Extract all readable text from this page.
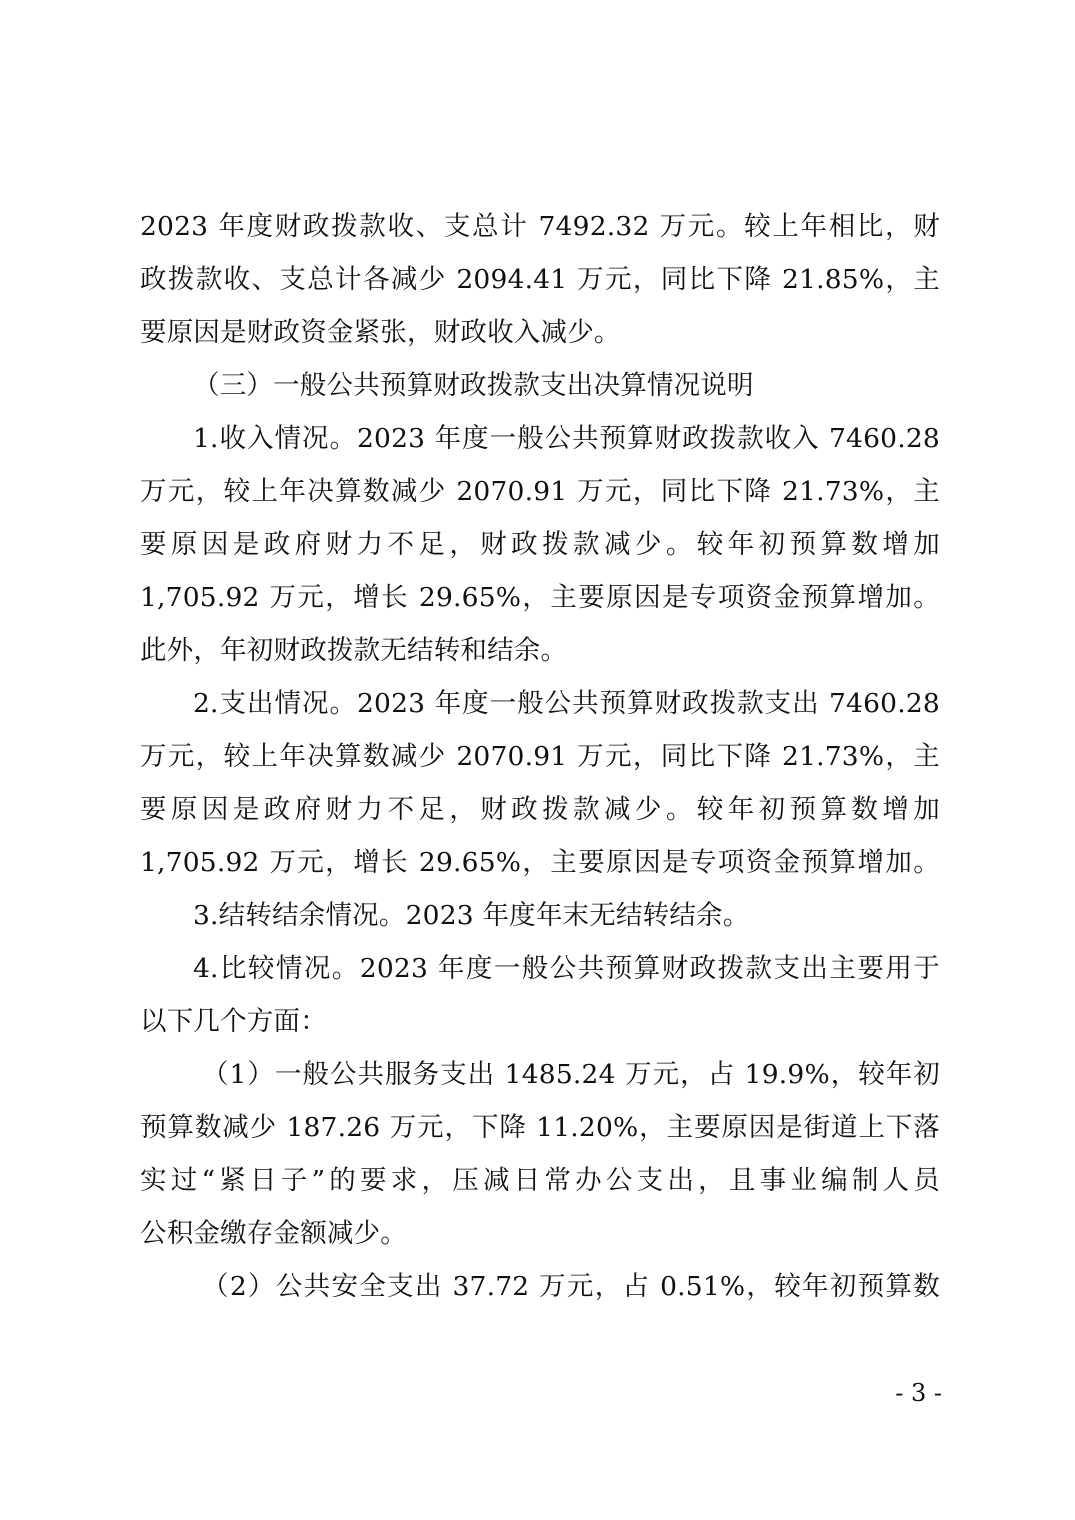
2023 年度财政拨款收、支总计 7492.32 万元。较上年相比，财
政拨款收、支总计各减少 2094.41 万元，同比下降 21.85%，主
要原因是财政资金紧张，财政收入减少。
（三）一般公共预算财政拨款支出决算情况说明
1.收入情况。2023 年度一般公共预算财政拨款收入 7460.28
万元，较上年决算数减少 2070.91 万元，同比下降 21.73%，主
要原因是政府财力不足，财政拨款减少。较年初预算数增加
1,705.92 万元，增长 29.65%，主要原因是专项资金预算增加。
此外，年初财政拨款无结转和结余。
2.支出情况。2023 年度一般公共预算财政拨款支出 7460.28
万元，较上年决算数减少 2070.91 万元，同比下降 21.73%，主
要原因是政府财力不足，财政拨款减少。较年初预算数增加
1,705.92 万元，增长 29.65%，主要原因是专项资金预算增加。
3.结转结余情况。2023 年度年末无结转结余。
4.比较情况。2023 年度一般公共预算财政拨款支出主要用于
以下几个方面：
（1）一般公共服务支出 1485.24 万元，占 19.9%，较年初
预算数减少 187.26 万元，下降 11.20%，主要原因是街道上下落
实过“紧日子”的要求，压减日常办公支出，且事业编制人员
公积金缴存金额减少。
（2）公共安全支出 37.72 万元，占 0.51%，较年初预算数
- 3 -
